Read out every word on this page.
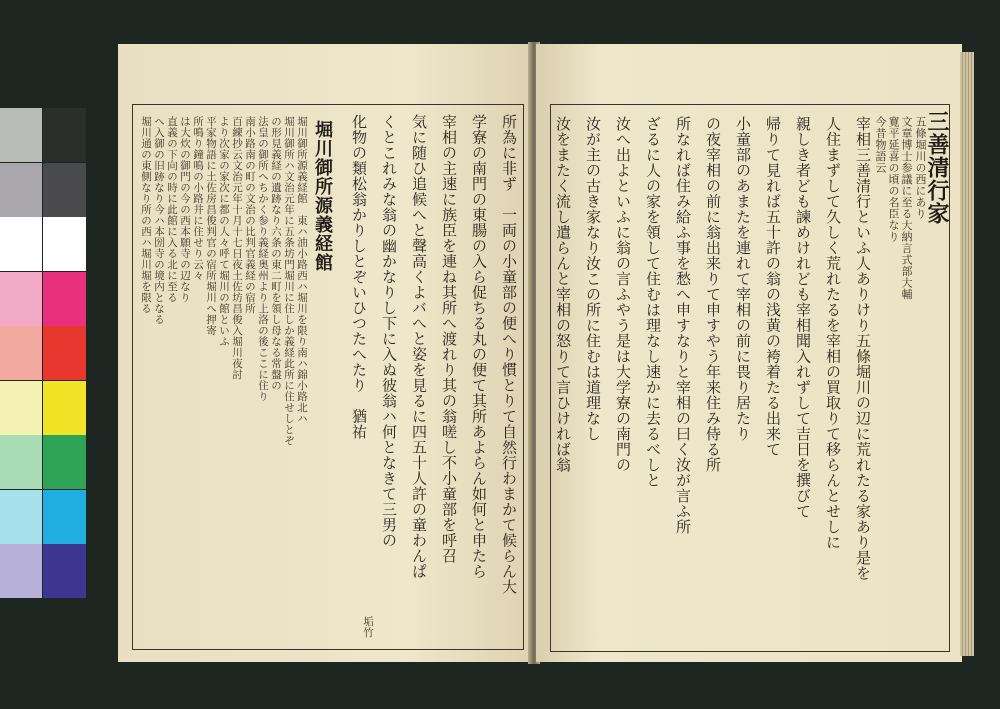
所為に非ず　一両の小童部の便へり慣とりて自然行わまかて候らん大
学寮の南門の東腸の入ら促ちる丸の便て其所あよらん如何と申たら
宰相の主速に族臣を連ね其所へ渡れり其の翁嗟し不小童部を呼召
気に随ひ追候へと聲高くよバへと姿を見るに四五十人許の童わんぱ
くとこれみな翁の幽かなりし下に入ぬ彼翁ハ何となきて三男の
化物の類松翁かりしとぞいひつたへたり　猶祐
堀川御所源義経館
堀川御所源義経館　東ハ油小路西ハ堀川を限り南ハ錦小路北ハ
堀川御所ハ文治元年に五条坊門堀川に住しか義経此所に住せしとぞ
の形見義経の遺跡なり六条の東二町を領し母なる常盤の
法皇の御所へちかく参り義経奥州より上洛の後ここに住り
南小路南の町の文治の比判官義経の宿所
百練抄云文治元年十月十七日夜土佐坊昌俊入堀川夜討
より次家の家次に都の人々呼て堀川の館といふ
平家物語に土佐房昌俊判官の宿所堀川へ押寄
所鳴り鐘鳴の小路井に住せり云々
は大炊の御門の今の西本願寺の辺なり
直義の下向の時に此館に入る北に至る
へ入御の旧跡なり今ハ本圀寺の境内となる
堀川通の東側なり所の西ハ堀川堀を限る
垢竹
三善清行家
五條堀川の西にあり
文章博士参議に至る大納言式部大輔
寛平延喜の頃の名臣なり
今昔物語云
宰相三善清行といふ人ありけり五條堀川の辺に荒れたる家あり是を
人住まずして久しく荒れたるを宰相の買取りて移らんとせしに
親しき者ども諫めけれども宰相聞入れずして吉日を撰びて
帰りて見れば五十許の翁の浅黄の袴着たる出来て
小童部のあまたを連れて宰相の前に畏り居たり
の夜宰相の前に翁出来りて申すやう年来住み侍る所
所なれば住み給ふ事を愁へ申すなりと宰相の曰く汝が言ふ所
ざるに人の家を領して住むは理なし速かに去るべしと
汝へ出よといふに翁の言ふやう是は大学寮の南門の
汝が主の古き家なり汝この所に住むは道理なし
汝をまたく流し遣らんと宰相の怒りて言ひければ翁
